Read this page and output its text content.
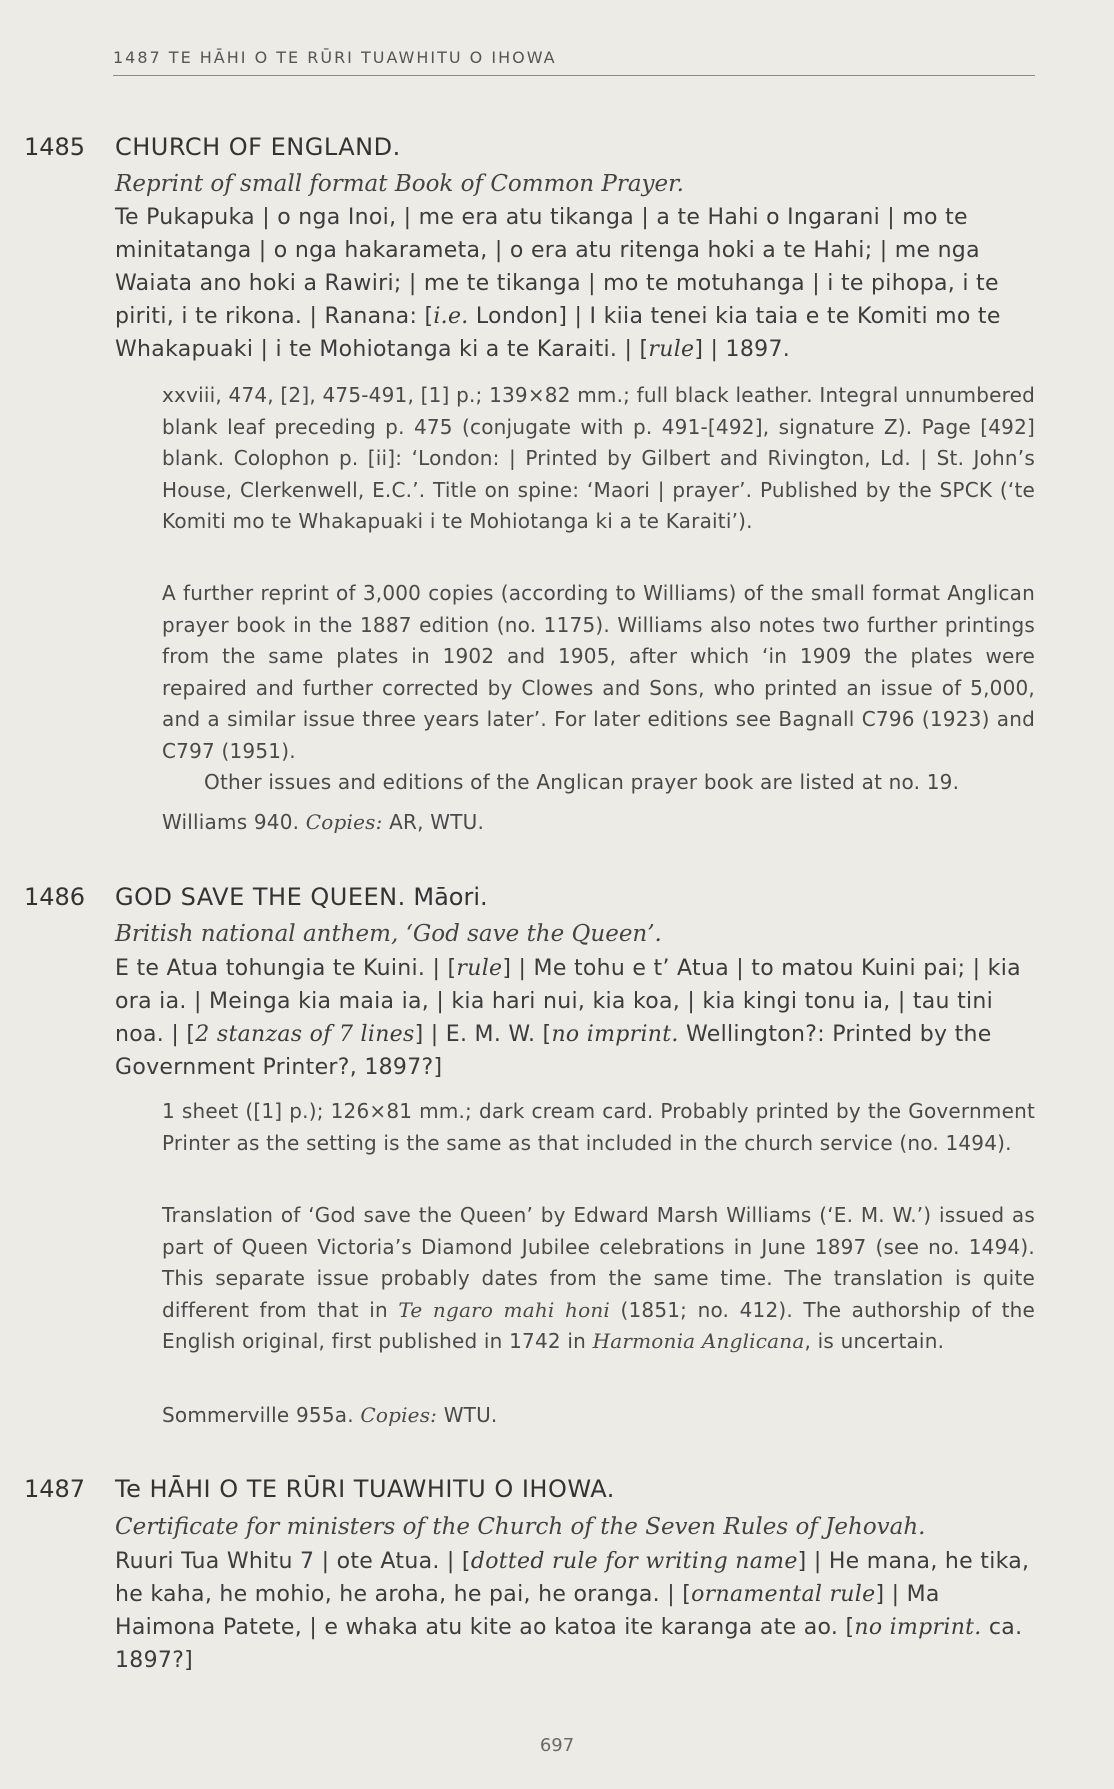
1487 TE HĀHI O TE RŪRI TUAWHITU O IHOWA
1485 CHURCH OF ENGLAND.
Reprint of small format Book of Common Prayer.
Te Pukapuka | o nga Inoi, | me era atu tikanga | a te Hahi o Ingarani | mo te minitatanga | o nga hakarameta, | o era atu ritenga hoki a te Hahi; | me nga Waiata ano hoki a Rawiri; | me te tikanga | mo te motuhanga | i te pihopa, i te piriti, i te rikona. | Ranana: [i.e. London] | I kiia tenei kia taia e te Komiti mo te Whakapuaki | i te Mohiotanga ki a te Karaiti. | [rule] | 1897.
xxviii, 474, [2], 475-491, [1] p.; 139×82 mm.; full black leather. Integral unnumbered blank leaf preceding p. 475 (conjugate with p. 491-[492], signature Z). Page [492] blank. Colophon p. [ii]: ‘London: | Printed by Gilbert and Rivington, Ld. | St. John’s House, Clerkenwell, E.C.’. Title on spine: ‘Maori | prayer’. Published by the SPCK (‘te Komiti mo te Whakapuaki i te Mohiotanga ki a te Karaiti’).
A further reprint of 3,000 copies (according to Williams) of the small format Anglican prayer book in the 1887 edition (no. 1175). Williams also notes two further printings from the same plates in 1902 and 1905, after which ‘in 1909 the plates were repaired and further corrected by Clowes and Sons, who printed an issue of 5,000, and a similar issue three years later’. For later editions see Bagnall C796 (1923) and C797 (1951).
Other issues and editions of the Anglican prayer book are listed at no. 19.
Williams 940. Copies: AR, WTU.
1486 GOD SAVE THE QUEEN. Māori.
British national anthem, ‘God save the Queen’.
E te Atua tohungia te Kuini. | [rule] | Me tohu e t’ Atua | to matou Kuini pai; | kia ora ia. | Meinga kia maia ia, | kia hari nui, kia koa, | kia kingi tonu ia, | tau tini noa. | [2 stanzas of 7 lines] | E. M. W. [no imprint. Wellington?: Printed by the Government Printer?, 1897?]
1 sheet ([1] p.); 126×81 mm.; dark cream card. Probably printed by the Government Printer as the setting is the same as that included in the church service (no. 1494).
Translation of ‘God save the Queen’ by Edward Marsh Williams (‘E. M. W.’) issued as part of Queen Victoria’s Diamond Jubilee celebrations in June 1897 (see no. 1494). This separate issue probably dates from the same time. The translation is quite different from that in Te ngaro mahi honi (1851; no. 412). The authorship of the English original, first published in 1742 in Harmonia Anglicana, is uncertain.
Sommerville 955a. Copies: WTU.
1487 Te HĀHI O TE RŪRI TUAWHITU O IHOWA.
Certificate for ministers of the Church of the Seven Rules of Jehovah.
Ruuri Tua Whitu 7 | ote Atua. | [dotted rule for writing name] | He mana, he tika, he kaha, he mohio, he aroha, he pai, he oranga. | [ornamental rule] | Ma Haimona Patete, | e whaka atu kite ao katoa ite karanga ate ao. [no imprint. ca. 1897?]
697
